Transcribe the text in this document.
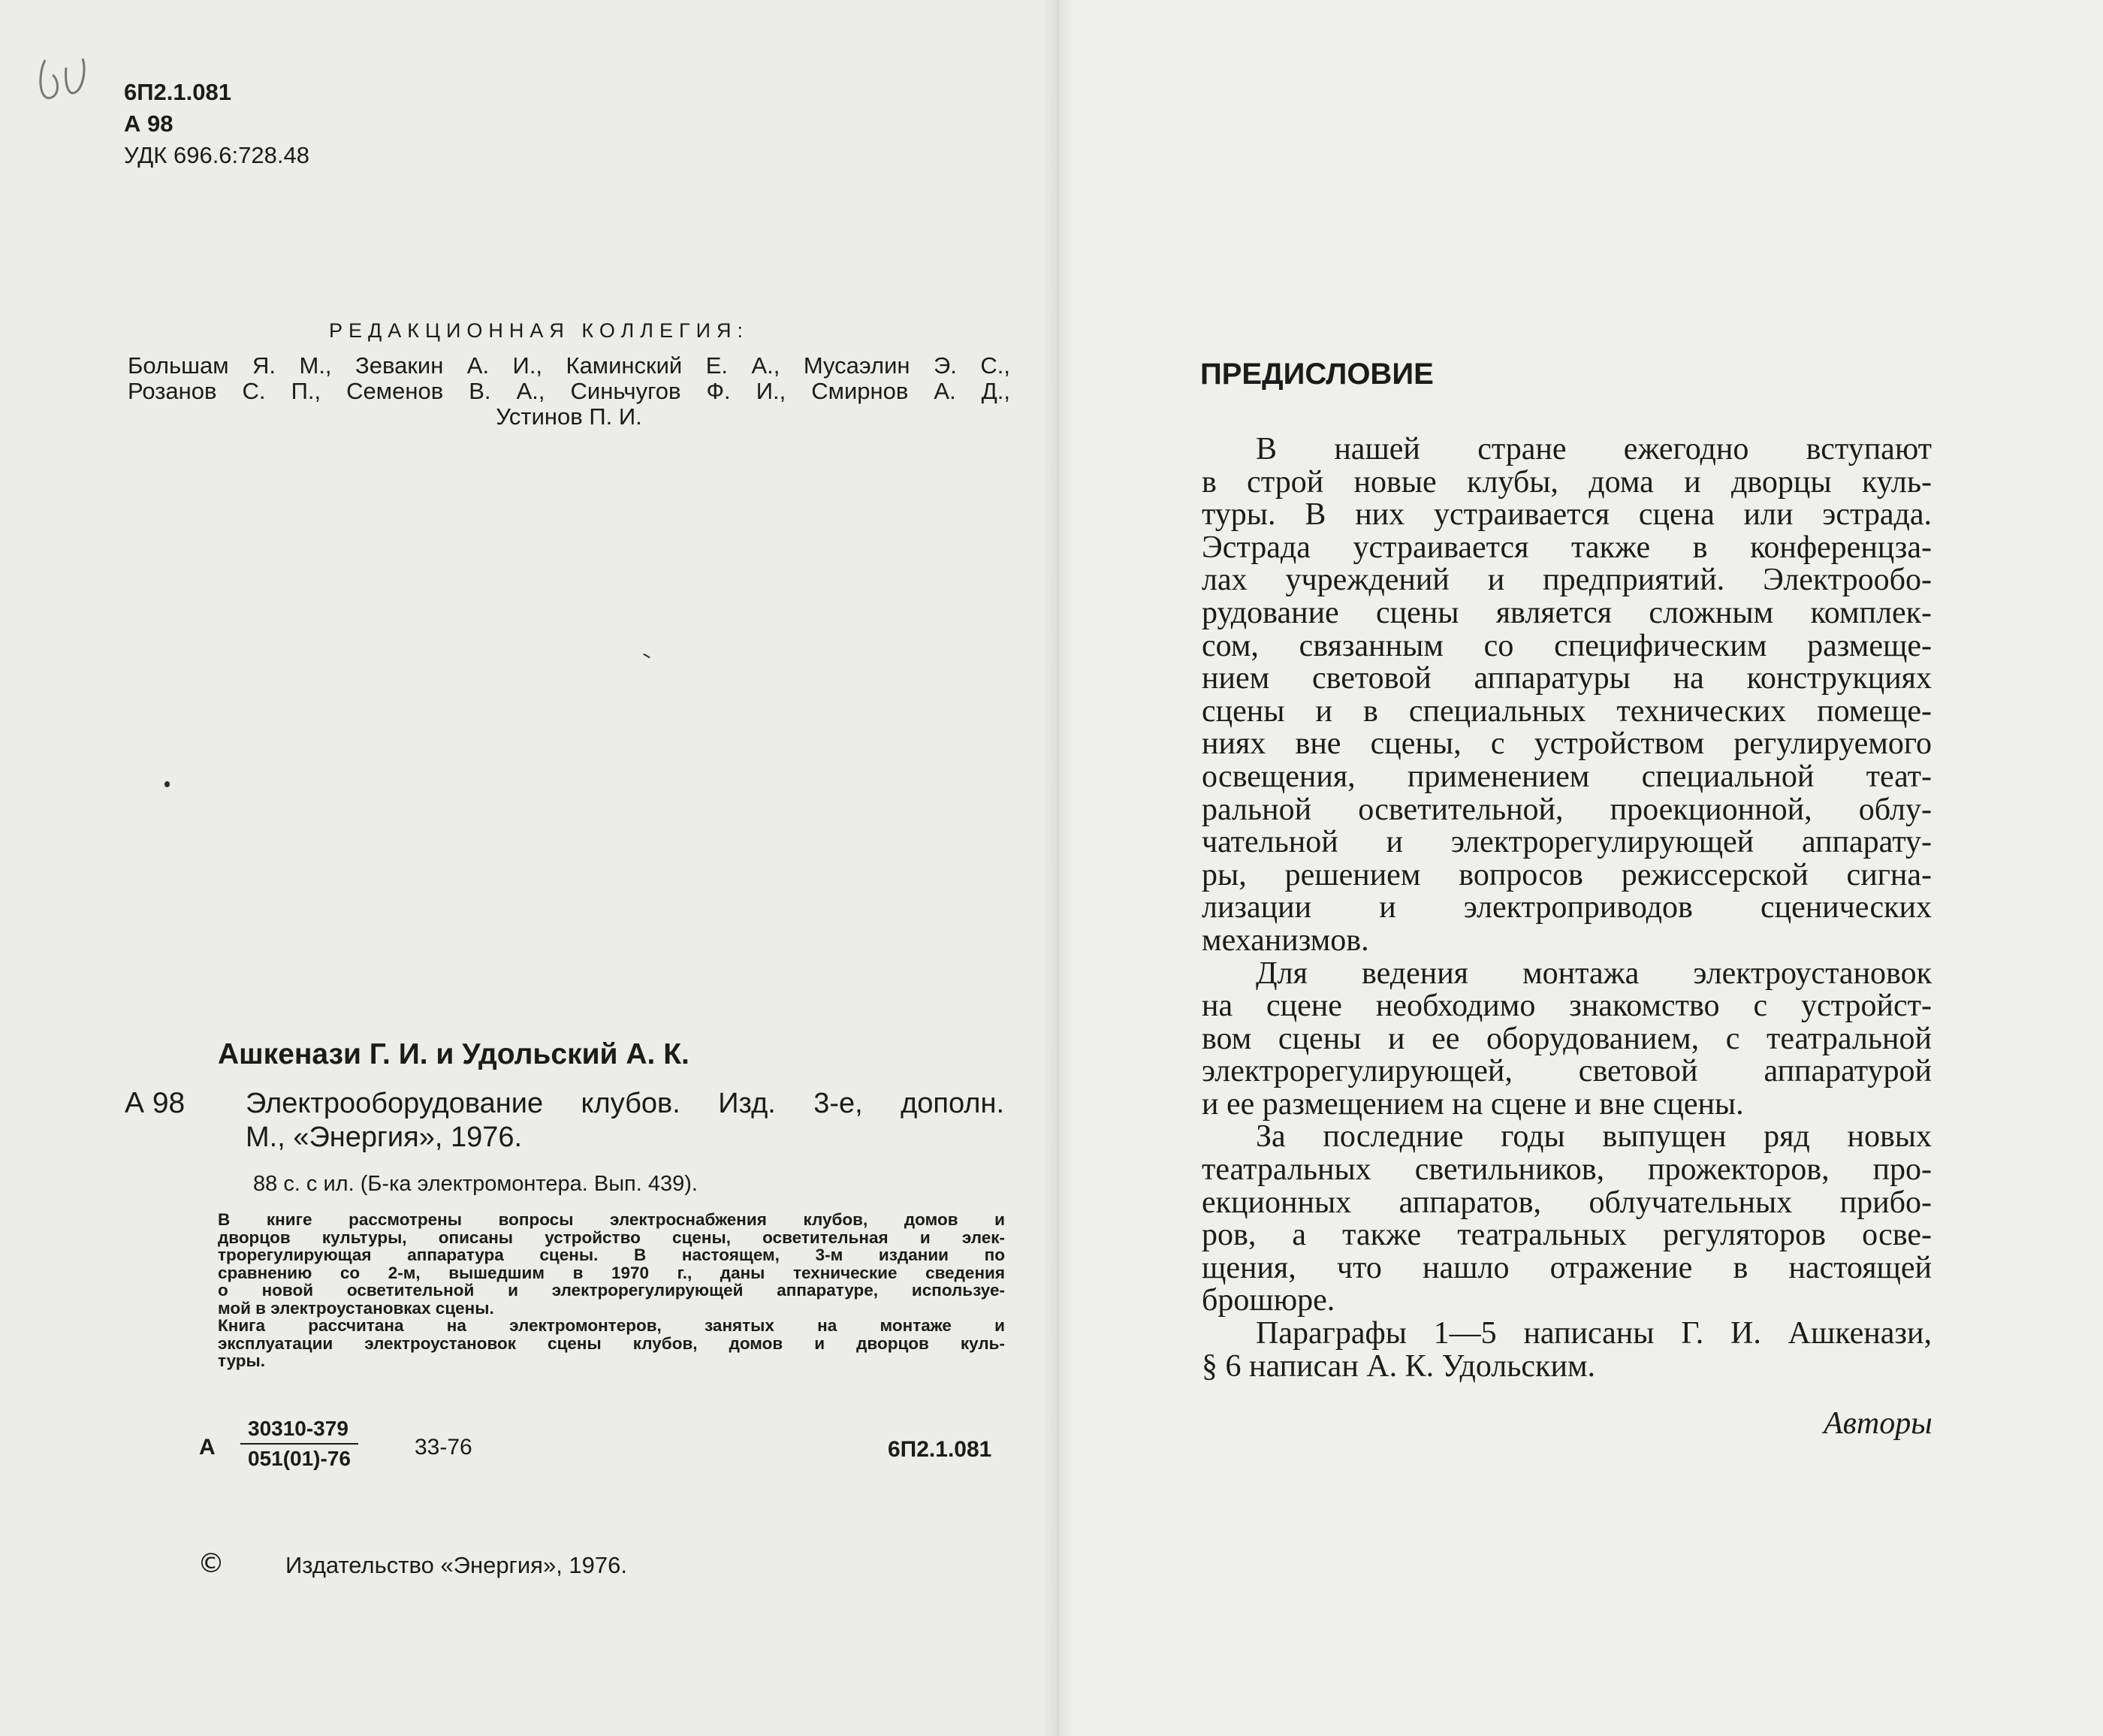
JU
6П2.1.081
А 98
УДК 696.6:728.48
РЕДАКЦИОННАЯ КОЛЛЕГИЯ:
Большам Я. М., Зевакин А. И., Каминский Е. А., Мусаэлин Э. С.,
Розанов С. П., Семенов В. А., Синьчугов Ф. И., Смирнов А. Д.,
Устинов П. И.
Ашкенази Г. И. и Удольский А. К.
А 98 Электрооборудование клубов. Изд. 3-е, дополн.
М., «Энергия», 1976.
88 с. с ил. (Б-ка электромонтера. Вып. 439).
В книге рассмотрены вопросы электроснабжения клубов, домов и
дворцов культуры, описаны устройство сцены, осветительная и элек-
трорегулирующая аппаратура сцены. В настоящем, 3-м издании по
сравнению со 2-м, вышедшим в 1970 г., даны технические сведения
о новой осветительной и электрорегулирующей аппаратуре, используе-
мой в электроустановках сцены.
Книга рассчитана на электромонтеров, занятых на монтаже и
эксплуатации электроустановок сцены клубов, домов и дворцов куль-
туры.
А $\frac{30310-379}{051(01)-76}$	33-76	6П2.1.081
©	Издательство «Энергия», 1976.
ПРЕДИСЛОВИЕ
В нашей стране ежегодно вступают
в строй новые клубы, дома и дворцы куль-
туры. В них устраивается сцена или эстрада.
Эстрада устраивается также в конференцза-
лах учреждений и предприятий. Электрообо-
рудование сцены является сложным комплек-
сом, связанным со специфическим размеще-
нием световой аппаратуры на конструкциях
сцены и в специальных технических помеще-
ниях вне сцены, с устройством регулируемого
освещения, применением специальной теат-
ральной осветительной, проекционной, облу-
чательной и электрорегулирующей аппарату-
ры, решением вопросов режиссерской сигна-
лизации и электроприводов сценических
механизмов.
Для ведения монтажа электроустановок
на сцене необходимо знакомство с устройст-
вом сцены и ее оборудованием, с театральной
электрорегулирующей, световой аппаратурой
и ее размещением на сцене и вне сцены.
За последние годы выпущен ряд новых
театральных светильников, прожекторов, про-
екционных аппаратов, облучательных прибо-
ров, а также театральных регуляторов осве-
щения, что нашло отражение в настоящей
брошюре.
Параграфы 1—5 написаны Г. И. Ашкенази,
§ 6 написан А. К. Удольским.
Авторы
